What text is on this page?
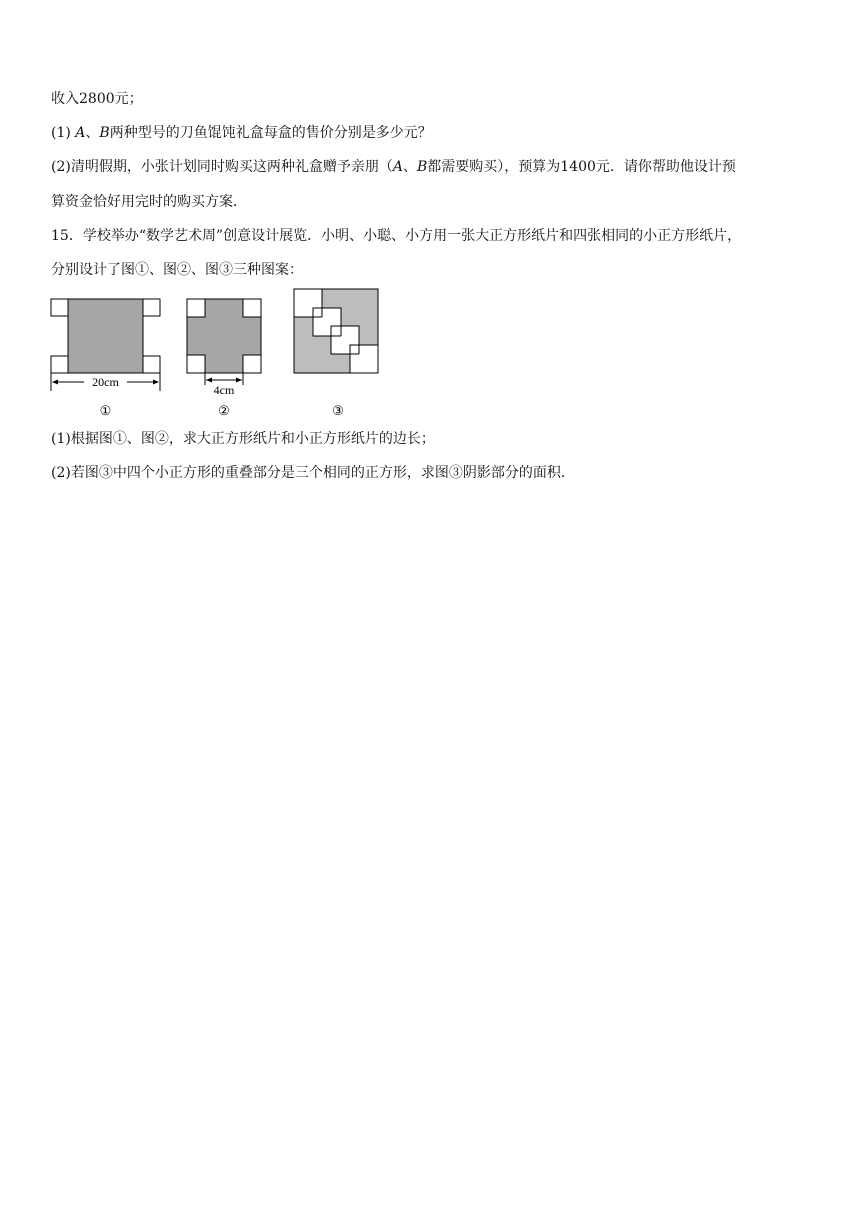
收入2800元；
(1) A、B两种型号的刀鱼馄饨礼盒每盒的售价分别是多少元？
(2)清明假期，小张计划同时购买这两种礼盒赠予亲朋（A、B都需要购买），预算为1400元．请你帮助他设计预
算资金恰好用完时的购买方案．
15．学校举办“数学艺术周”创意设计展览．小明、小聪、小方用一张大正方形纸片和四张相同的小正方形纸片，
分别设计了图①、图②、图③三种图案：
20cm
①
4cm
②	③
(1)根据图①、图②，求大正方形纸片和小正方形纸片的边长；
(2)若图③中四个小正方形的重叠部分是三个相同的正方形，求图③阴影部分的面积．
